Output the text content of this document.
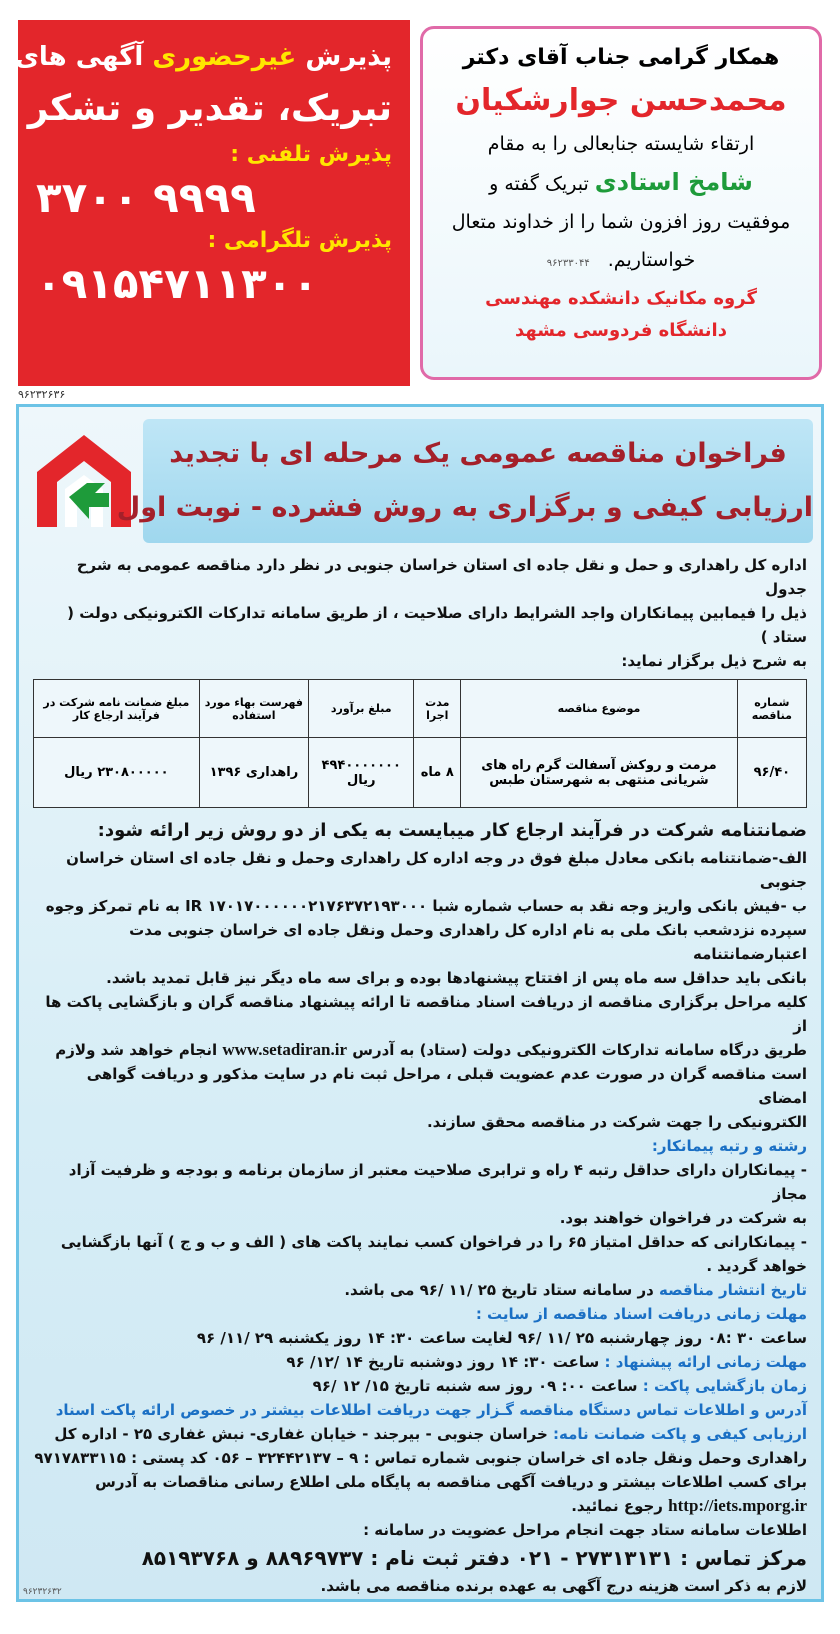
پذیرش غیرحضوری آگهی های
تبریک، تقدیر و تشکر
پذیرش تلفنی :
۳۷۰۰ ۹۹۹۹
پذیرش تلگرامی :
۰۹۱۵۴۷۱۱۳۰۰
۹۶۲۳۲۶۳۶
همکار گرامی جناب آقای دکتر
محمدحسن جوارشکیان
ارتقاء شایسته جنابعالی را به مقام
شامخ استادی تبریک گفته و
موفقیت روز افزون شما را از خداوند متعال
خواستاریم.۹۶۲۳۳۰۴۴
گروه مکانیک دانشکده مهندسی
دانشگاه فردوسی مشهد
فراخوان مناقصه عمومی یک مرحله ای با تجدید
ارزیابی کیفی و برگزاری به روش فشرده - نوبت اول
اداره کل راهداری و حمل و نقل جاده ای استان خراسان جنوبی در نظر دارد مناقصه عمومی به شرح جدول
ذیل را فیمابین پیمانکاران واجد الشرایط دارای صلاحیت ، از طریق سامانه تدارکات الکترونیکی دولت ( ستاد )
به شرح ذیل برگزار نماید:
شماره مناقصه	موضوع مناقصه	مدت اجرا	مبلغ برآورد	فهرست بهاء مورد استفاده	مبلغ ضمانت نامه شرکت در فرآیند ارجاع کار
۹۶/۴۰	مرمت و روکش آسفالت گرم راه های شریانی منتهی به شهرستان طبس	۸ ماه	۴۹۴۰۰۰۰۰۰۰ ریال	راهداری ۱۳۹۶	۲۳۰۸۰۰۰۰۰ ریال
ضمانتنامه شرکت در فرآیند ارجاع کار میبایست به یکی از دو روش زیر ارائه شود:
الف-ضمانتنامه بانکی معادل مبلغ فوق در وجه اداره کل راهداری وحمل و نقل جاده ای استان خراسان جنوبی
ب -فیش بانکی واریز وجه نقد به حساب شماره شبا ۱۷۰۱۷۰۰۰۰۰۰۲۱۷۶۳۷۲۱۹۳۰۰۰ IR به نام تمرکز وجوه
سپرده نزدشعب بانک ملی به نام اداره کل راهداری وحمل ونقل جاده ای خراسان جنوبی مدت اعتبارضمانتنامه
بانکی باید حداقل سه ماه پس از افتتاح پیشنهادها بوده و برای سه ماه دیگر نیز قابل تمدید باشد.
کلیه مراحل برگزاری مناقصه از دریافت اسناد مناقصه تا ارائه پیشنهاد مناقصه گران و بازگشایی پاکت ها از
طریق درگاه سامانه تدارکات الکترونیکی دولت (ستاد) به آدرس www.setadiran.ir انجام خواهد شد ولازم
است مناقصه گران در صورت عدم عضویت قبلی ، مراحل ثبت نام در سایت مذکور و دریافت گواهی امضای
الکترونیکی را جهت شرکت در مناقصه محقق سازند.
رشته و رتبه پیمانکار:
- پیمانکاران دارای حداقل رتبه ۴ راه و ترابری صلاحیت معتبر از سازمان برنامه و بودجه و ظرفیت آزاد مجاز
به شرکت در فراخوان خواهند بود.
- پیمانکارانی که حداقل امتیاز ۶۵ را در فراخوان کسب نمایند پاکت های ( الف و ب و ج ) آنها بازگشایی
خواهد گردید .
تاریخ انتشار مناقصه در سامانه ستاد تاریخ ۲۵ /۱۱ /۹۶ می باشد.
مهلت زمانی دریافت اسناد مناقصه از سایت :
ساعت ۳۰ :۰۸ روز چهارشنبه ۲۵ /۱۱ /۹۶ لغایت ساعت ۳۰: ۱۴ روز یکشنبه ۲۹ /۱۱/ ۹۶
مهلت زمانی ارائه پیشنهاد : ساعت ۳۰: ۱۴ روز دوشنبه تاریخ ۱۴ /۱۲/ ۹۶
زمان بازگشایی پاکت : ساعت ۰۰: ۰۹ روز سه شنبه تاریخ ۱۵/ ۱۲ /۹۶
آدرس و اطلاعات تماس دستگاه مناقصه گـزار جهت دریافت اطلاعات بیشتر در خصوص ارائه پاکت اسناد
ارزیابی کیفی و پاکت ضمانت نامه: خراسان جنوبی - بیرجند - خیابان غفاری- نبش غفاری ۲۵ - اداره کل
راهداری وحمل ونقل جاده ای خراسان جنوبی شماره تماس : ۹ – ۳۲۴۴۲۱۳۷ – ۰۵۶ کد پستی : ۹۷۱۷۸۳۳۱۱۵
برای کسب اطلاعات بیشتر و دریافت آگهی مناقصه به پایگاه ملی اطلاع رسانی مناقصات به آدرس
http://iets.mporg.ir رجوع نمائید.
اطلاعات سامانه ستاد جهت انجام مراحل عضویت در سامانه :
مرکز تماس : ۲۷۳۱۳۱۳۱ - ۰۲۱ دفتر ثبت نام : ۸۸۹۶۹۷۳۷ و ۸۵۱۹۳۷۶۸
لازم به ذکر است هزینه درج آگهی به عهده برنده مناقصه می باشد.
۹۶۲۳۲۶۳۲
